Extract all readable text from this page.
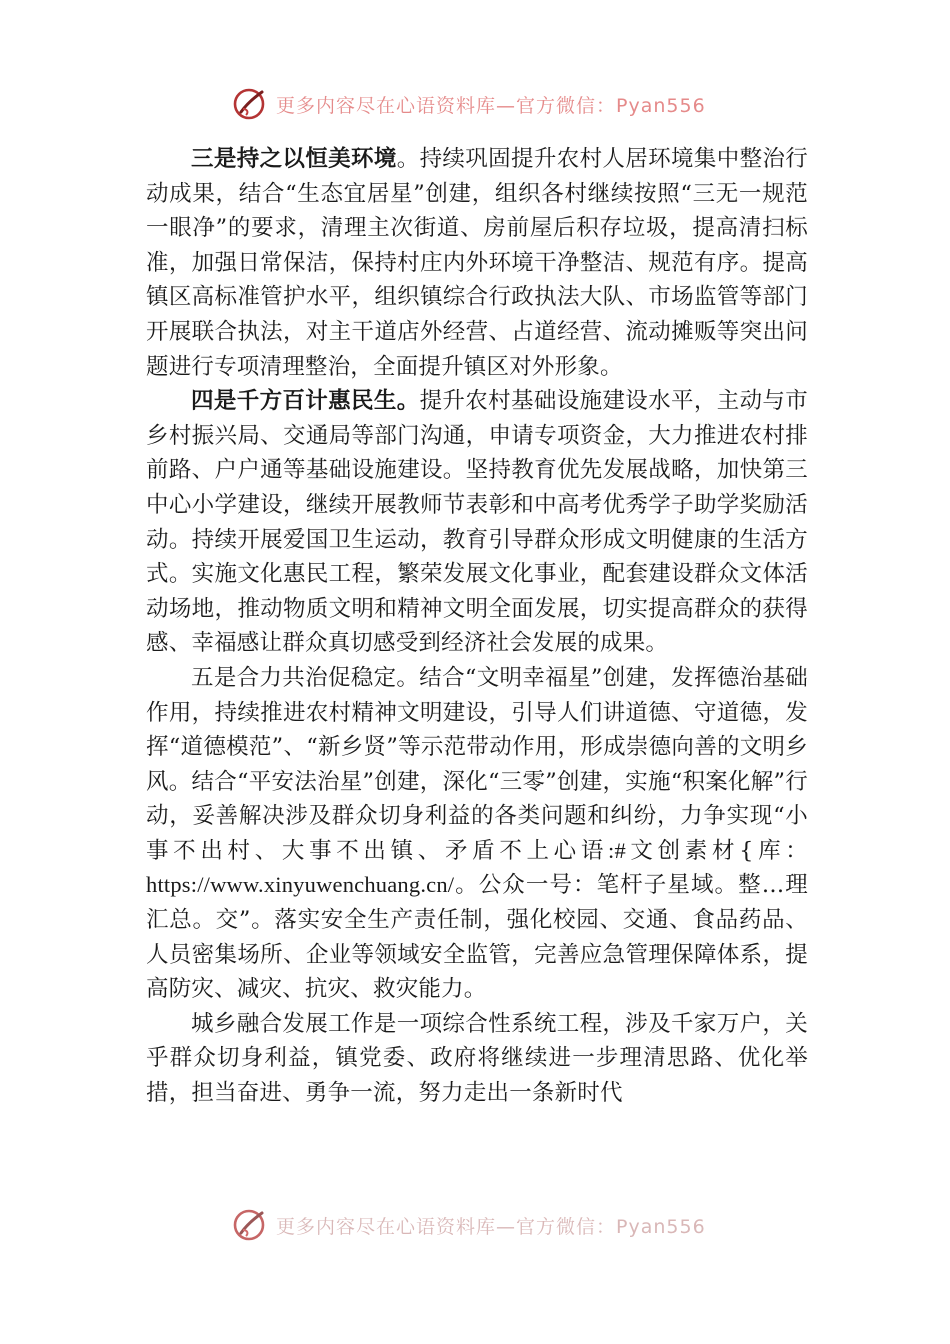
更多内容尽在心语资料库—官方微信：Pyan556

三是持之以恒美环境。持续巩固提升农村人居环境集中整治行动成果，结合“生态宜居星”创建，组织各村继续按照“三无一规范一眼净”的要求，清理主次街道、房前屋后积存垃圾，提高清扫标准，加强日常保洁，保持村庄内外环境干净整洁、规范有序。提高镇区高标准管护水平，组织镇综合行政执法大队、市场监管等部门开展联合执法，对主干道店外经营、占道经营、流动摊贩等突出问题进行专项清理整治，全面提升镇区对外形象。

四是千方百计惠民生。提升农村基础设施建设水平，主动与市乡村振兴局、交通局等部门沟通，申请专项资金，大力推进农村排前路、户户通等基础设施建设。坚持教育优先发展战略，加快第三中心小学建设，继续开展教师节表彰和中高考优秀学子助学奖励活动。持续开展爱国卫生运动，教育引导群众形成文明健康的生活方式。实施文化惠民工程，繁荣发展文化事业，配套建设群众文体活动场地，推动物质文明和精神文明全面发展，切实提高群众的获得感、幸福感让群众真切感受到经济社会发展的成果。

五是合力共治促稳定。结合“文明幸福星”创建，发挥德治基础作用，持续推进农村精神文明建设，引导人们讲道德、守道德，发挥“道德模范”、“新乡贤”等示范带动作用，形成崇德向善的文明乡风。结合“平安法治星”创建，深化“三零”创建，实施“积案化解”行动，妥善解决涉及群众切身利益的各类问题和纠纷，力争实现“小事不出村、大事不出镇、矛盾不上心语:#文创素材{库：https://www.xinyuwenchuang.cn/。公众一号：笔杆子星域。整…理汇总。交”。落实安全生产责任制，强化校园、交通、食品药品、人员密集场所、企业等领域安全监管，完善应急管理保障体系，提高防灾、减灾、抗灾、救灾能力。

城乡融合发展工作是一项综合性系统工程，涉及千家万户，关乎群众切身利益，镇党委、政府将继续进一步理清思路、优化举措，担当奋进、勇争一流，努力走出一条新时代

更多内容尽在心语资料库—官方微信：Pyan556
